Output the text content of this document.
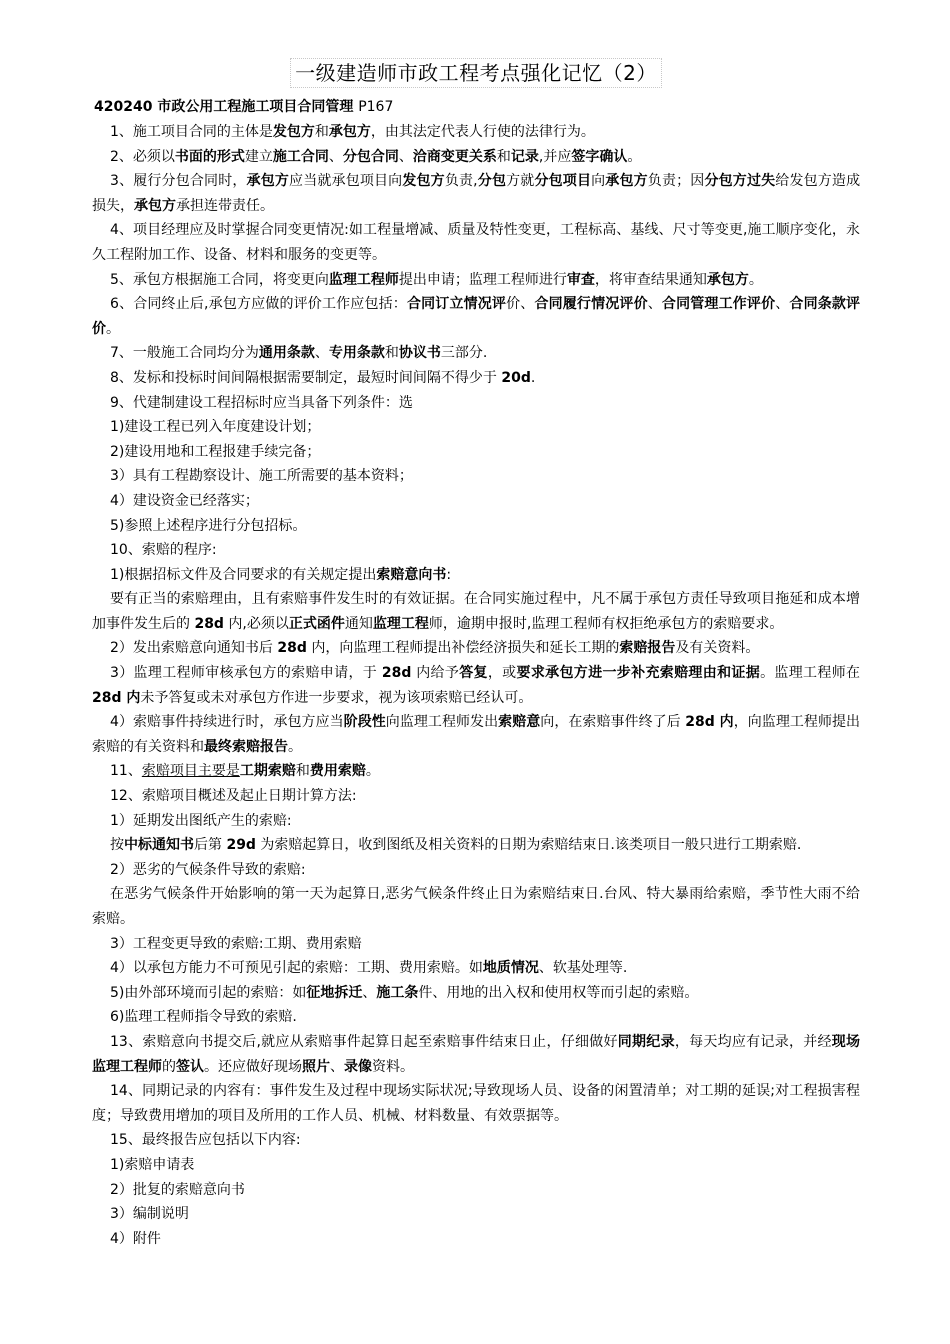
一级建造师市政工程考点强化记忆（2）
420240 市政公用工程施工项目合同管理 P167

1、施工项目合同的主体是发包方和承包方，由其法定代表人行使的法律行为。

2、必须以书面的形式建立施工合同、分包合同、洽商变更关系和记录,并应签字确认。

3、履行分包合同时，承包方应当就承包项目向发包方负责,分包方就分包项目向承包方负责；因分包方过失给发包方造成损失，承包方承担连带责任。

4、项目经理应及时掌握合同变更情况:如工程量增减、质量及特性变更，工程标高、基线、尺寸等变更,施工顺序变化，永久工程附加工作、设备、材料和服务的变更等。

5、承包方根据施工合同，将变更向监理工程师提出申请；监理工程师进行审查，将审查结果通知承包方。

6、合同终止后,承包方应做的评价工作应包括：合同订立情况评价、合同履行情况评价、合同管理工作评价、合同条款评价。

7、一般施工合同均分为通用条款、专用条款和协议书三部分.

8、发标和投标时间间隔根据需要制定，最短时间间隔不得少于 20d.

9、代建制建设工程招标时应当具备下列条件：选

1)建设工程已列入年度建设计划；

2)建设用地和工程报建手续完备；

3）具有工程勘察设计、施工所需要的基本资料；

4）建设资金已经落实；

5)参照上述程序进行分包招标。

10、索赔的程序:

1)根据招标文件及合同要求的有关规定提出索赔意向书:

要有正当的索赔理由，且有索赔事件发生时的有效证据。在合同实施过程中，凡不属于承包方责任导致项目拖延和成本增加事件发生后的 28d 内,必须以正式函件通知监理工程师，逾期申报时,监理工程师有权拒绝承包方的索赔要求。

2）发出索赔意向通知书后 28d 内，向监理工程师提出补偿经济损失和延长工期的索赔报告及有关资料。

3）监理工程师审核承包方的索赔申请，于 28d 内给予答复，或要求承包方进一步补充索赔理由和证据。监理工程师在 28d 内未予答复或未对承包方作进一步要求，视为该项索赔已经认可。

4）索赔事件持续进行时，承包方应当阶段性向监理工程师发出索赔意向，在索赔事件终了后 28d 内，向监理工程师提出索赔的有关资料和最终索赔报告。

11、索赔项目主要是工期索赔和费用索赔。

12、索赔项目概述及起止日期计算方法:

1）延期发出图纸产生的索赔:

按中标通知书后第 29d 为索赔起算日，收到图纸及相关资料的日期为索赔结束日.该类项目一般只进行工期索赔.

2）恶劣的气候条件导致的索赔:

在恶劣气候条件开始影响的第一天为起算日,恶劣气候条件终止日为索赔结束日.台风、特大暴雨给索赔，季节性大雨不给索赔。

3）工程变更导致的索赔:工期、费用索赔

4）以承包方能力不可预见引起的索赔：工期、费用索赔。如地质情况、软基处理等.

5)由外部环境而引起的索赔：如征地拆迁、施工条件、用地的出入权和使用权等而引起的索赔。

6)监理工程师指令导致的索赔.

13、索赔意向书提交后,就应从索赔事件起算日起至索赔事件结束日止，仔细做好同期纪录，每天均应有记录，并经现场监理工程师的签认。还应做好现场照片、录像资料。

14、同期记录的内容有：事件发生及过程中现场实际状况;导致现场人员、设备的闲置清单；对工期的延误;对工程损害程度；导致费用增加的项目及所用的工作人员、机械、材料数量、有效票据等。

15、最终报告应包括以下内容:

1)索赔申请表

2）批复的索赔意向书

3）编制说明

4）附件
